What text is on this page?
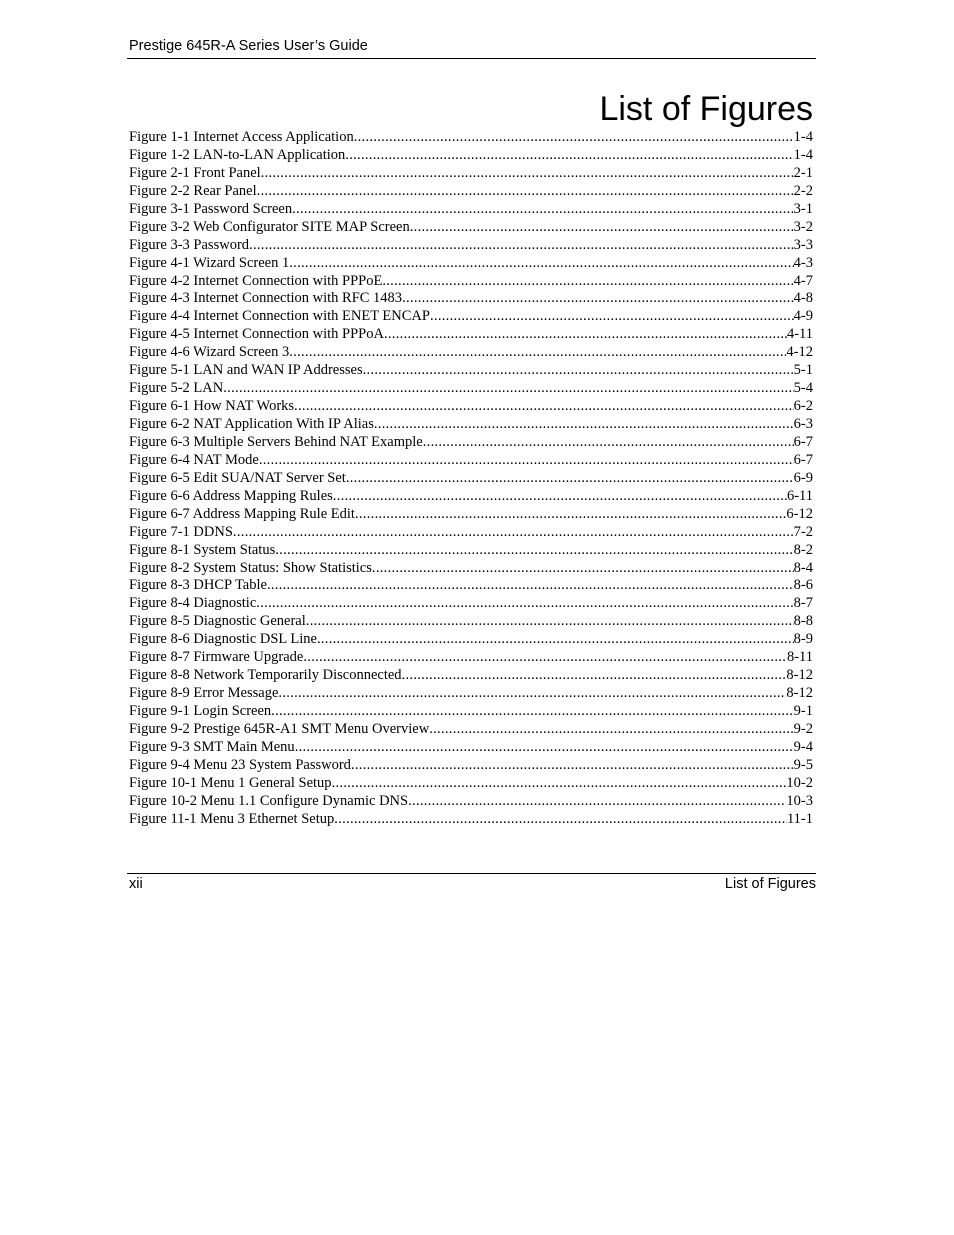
Prestige 645R-A Series User’s Guide
List of Figures
Figure 1-1 Internet Access Application .....	1-4
Figure 1-2 LAN-to-LAN Application .....	1-4
Figure 2-1 Front Panel .....	2-1
Figure 2-2 Rear Panel .....	2-2
Figure 3-1 Password Screen .....	3-1
Figure 3-2 Web Configurator SITE MAP Screen .....	3-2
Figure 3-3 Password .....	3-3
Figure 4-1 Wizard Screen 1 .....	4-3
Figure 4-2 Internet Connection with PPPoE .....	4-7
Figure 4-3 Internet Connection with RFC 1483 .....	4-8
Figure 4-4 Internet Connection with ENET ENCAP .....	4-9
Figure 4-5 Internet Connection with PPPoA .....	4-11
Figure 4-6 Wizard Screen 3 .....	4-12
Figure 5-1 LAN and WAN IP Addresses .....	5-1
Figure 5-2 LAN .....	5-4
Figure 6-1 How NAT Works .....	6-2
Figure 6-2 NAT Application With IP Alias .....	6-3
Figure 6-3 Multiple Servers Behind NAT Example .....	6-7
Figure 6-4 NAT Mode .....	6-7
Figure 6-5 Edit SUA/NAT Server Set .....	6-9
Figure 6-6 Address Mapping Rules .....	6-11
Figure 6-7 Address Mapping Rule Edit .....	6-12
Figure 7-1 DDNS .....	7-2
Figure 8-1 System Status .....	8-2
Figure 8-2 System Status: Show Statistics .....	8-4
Figure 8-3 DHCP Table .....	8-6
Figure 8-4 Diagnostic .....	8-7
Figure 8-5 Diagnostic General .....	8-8
Figure 8-6 Diagnostic DSL Line .....	8-9
Figure 8-7 Firmware Upgrade .....	8-11
Figure 8-8 Network Temporarily Disconnected .....	8-12
Figure 8-9 Error Message .....	8-12
Figure 9-1 Login Screen .....	9-1
Figure 9-2 Prestige 645R-A1 SMT Menu Overview .....	9-2
Figure 9-3 SMT Main Menu .....	9-4
Figure 9-4 Menu 23 System Password .....	9-5
Figure 10-1 Menu 1 General Setup .....	10-2
Figure 10-2 Menu 1.1 Configure Dynamic DNS .....	10-3
Figure 11-1 Menu 3 Ethernet Setup .....	11-1
xii	List of Figures
